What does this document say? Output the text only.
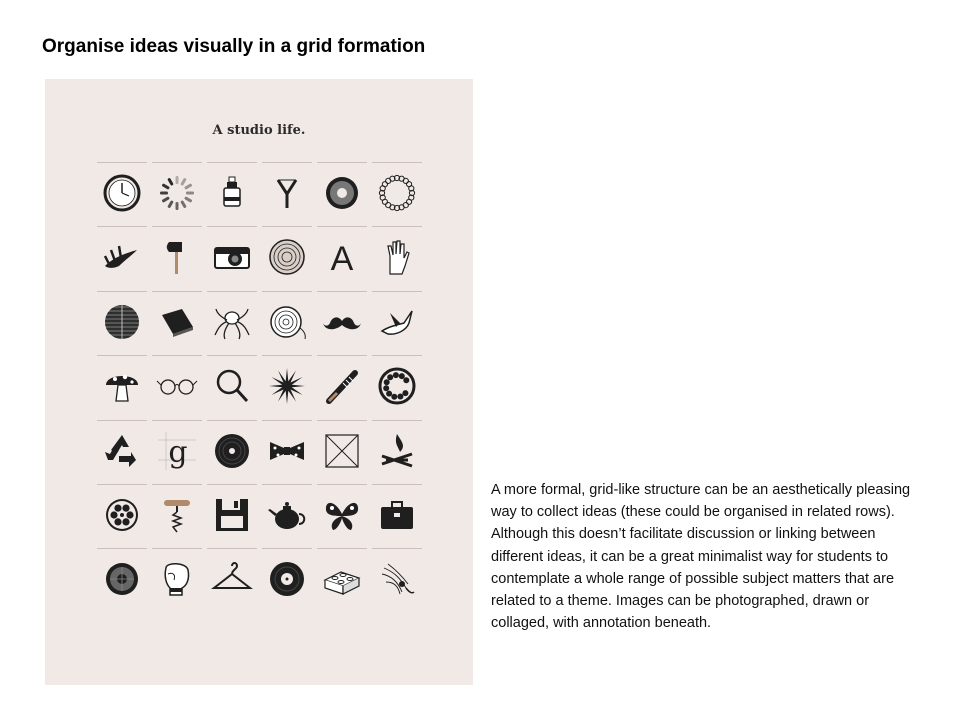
Organise ideas visually in a grid formation
A studio life.
A
g
A more formal, grid-like structure can be an aesthetically pleasing way to collect ideas (these could be organised in related rows). Although this doesn’t facilitate discussion or linking between different ideas, it can be a great minimalist way for students to contemplate a whole range of possible subject matters that are related to a theme. Images can be photographed, drawn or collaged, with annotation beneath.
